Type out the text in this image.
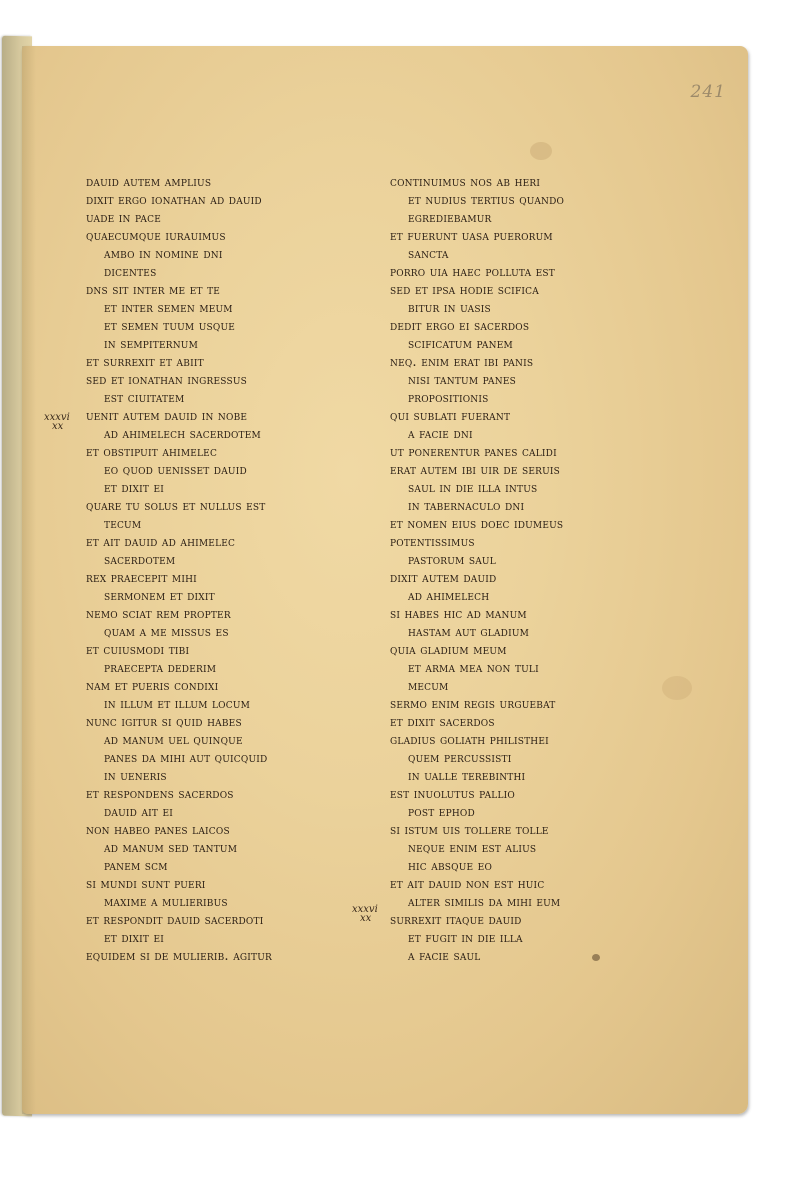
241
dauid autem amplius
dixit ergo ionathan ad dauid
uade in pace
quaecumque iurauimus
ambo in nomine dni
dicentes
dns sit inter me et te
et inter semen meum
et semen tuum usque
in sempiternum
et surrexit et abiit
sed et ionathan ingressus
est ciuitatem
uenit autem dauid in nobe
ad ahimelech sacerdotem
et obstipuit ahimelec
eo quod uenisset dauid
et dixit ei
quare tu solus et nullus est
tecum
et ait dauid ad ahimelec
sacerdotem
rex praecepit mihi
sermonem et dixit
nemo sciat rem propter
quam a me missus es
et cuiusmodi tibi
praecepta dederim
nam et pueris condixi
in illum et illum locum
nunc igitur si quid habes
ad manum uel quinque
panes da mihi aut quicquid
in ueneris
et respondens sacerdos
dauid ait ei
non habeo panes laicos
ad manum sed tantum
panem scm
si mundi sunt pueri
maxime a mulieribus
et respondit dauid sacerdoti
et dixit ei
equidem si de mulierib. agitur
continuimus nos ab heri
et nudius tertius quando
egrediebamur
et fuerunt uasa puerorum
sancta
porro uia haec polluta est
sed et ipsa hodie scifica
bitur in uasis
dedit ergo ei sacerdos
scificatum panem
neq. enim erat ibi panis
nisi tantum panes
propositionis
qui sublati fuerant
a facie dni
ut ponerentur panes calidi
erat autem ibi uir de seruis
saul in die illa intus
in tabernaculo dni
et nomen eius doec idumeus
potentissimus
pastorum saul
dixit autem dauid
ad ahimelech
si habes hic ad manum
hastam aut gladium
quia gladium meum
et arma mea non tuli
mecum
sermo enim regis urguebat
et dixit sacerdos
gladius goliath philisthei
quem percussisti
in ualle terebinthi
est inuolutus pallio
post ephod
si istum uis tollere tolle
neque enim est alius
hic absque eo
et ait dauid non est huic
alter similis da mihi eum
surrexit itaque dauid
et fugit in die illa
a facie saul
xxxvi
xx
xxxvi
xx
